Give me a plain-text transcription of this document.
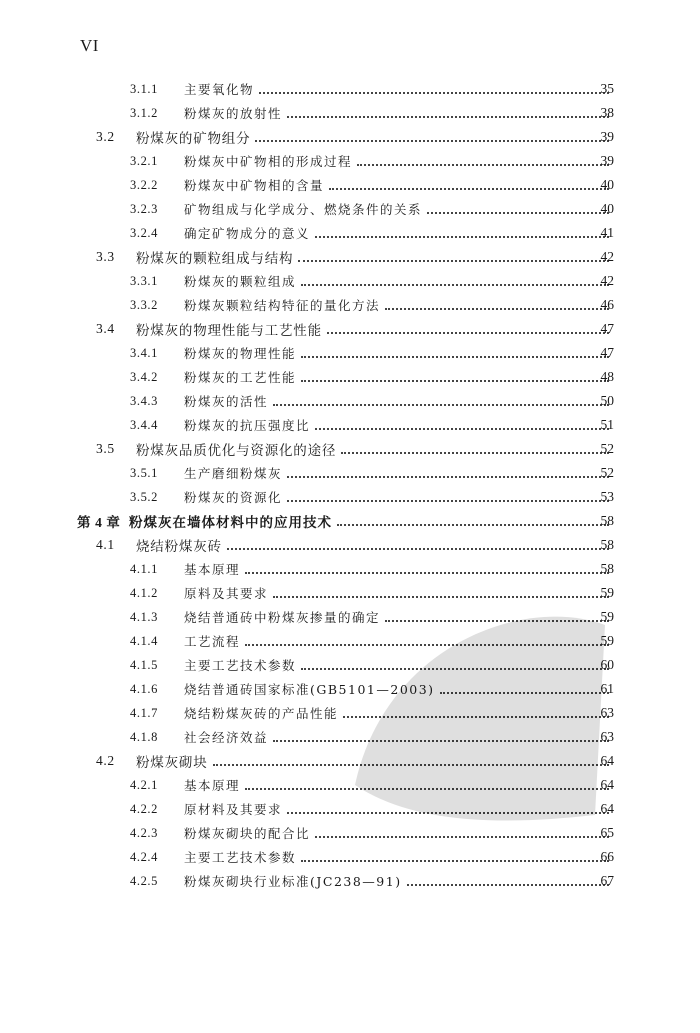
VI
3.1.1	主要氧化物	35
3.1.2	粉煤灰的放射性	38
3.2	粉煤灰的矿物组分	39
3.2.1	粉煤灰中矿物相的形成过程	39
3.2.2	粉煤灰中矿物相的含量	40
3.2.3	矿物组成与化学成分、燃烧条件的关系	40
3.2.4	确定矿物成分的意义	41
3.3	粉煤灰的颗粒组成与结构	42
3.3.1	粉煤灰的颗粒组成	42
3.3.2	粉煤灰颗粒结构特征的量化方法	46
3.4	粉煤灰的物理性能与工艺性能	47
3.4.1	粉煤灰的物理性能	47
3.4.2	粉煤灰的工艺性能	48
3.4.3	粉煤灰的活性	50
3.4.4	粉煤灰的抗压强度比	51
3.5	粉煤灰品质优化与资源化的途径	52
3.5.1	生产磨细粉煤灰	52
3.5.2	粉煤灰的资源化	53
第 4 章 粉煤灰在墙体材料中的应用技术	58
4.1	烧结粉煤灰砖	58
4.1.1	基本原理	58
4.1.2	原料及其要求	59
4.1.3	烧结普通砖中粉煤灰掺量的确定	59
4.1.4	工艺流程	59
4.1.5	主要工艺技术参数	60
4.1.6	烧结普通砖国家标准(GB5101—2003)	61
4.1.7	烧结粉煤灰砖的产品性能	63
4.1.8	社会经济效益	63
4.2	粉煤灰砌块	64
4.2.1	基本原理	64
4.2.2	原材料及其要求	64
4.2.3	粉煤灰砌块的配合比	65
4.2.4	主要工艺技术参数	66
4.2.5	粉煤灰砌块行业标准(JC238—91)	67
